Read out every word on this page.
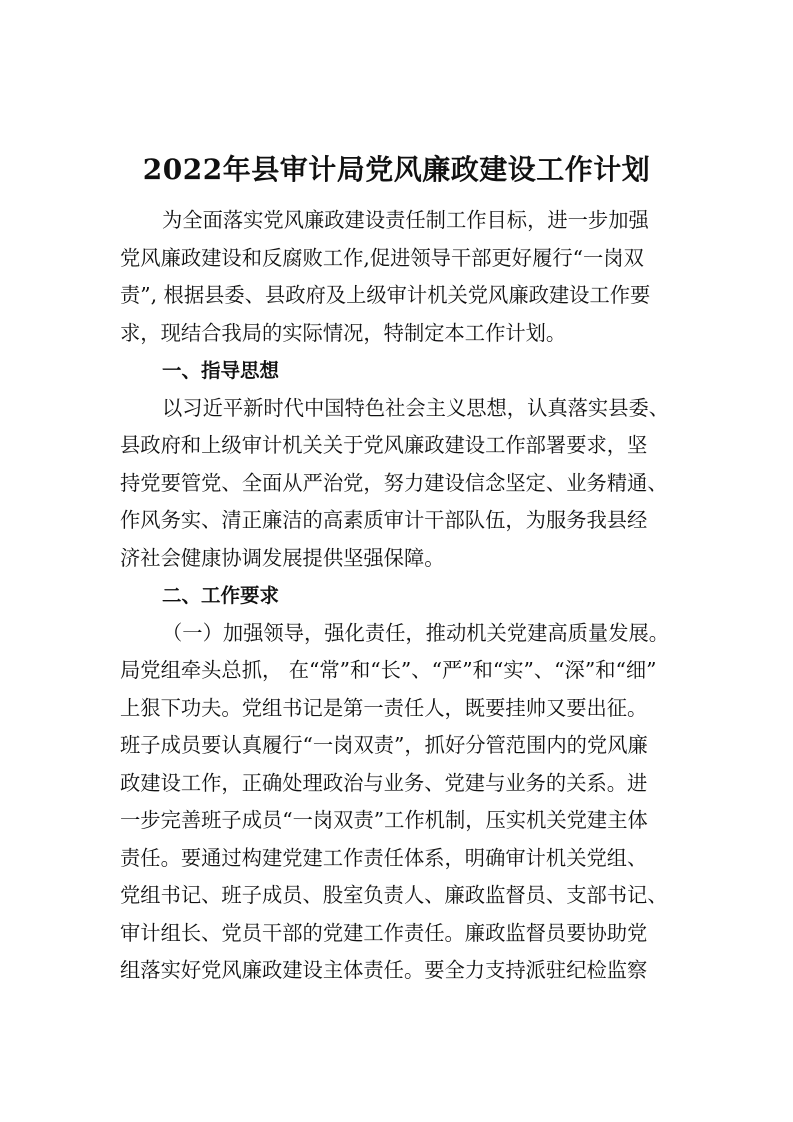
2022年县审计局党风廉政建设工作计划
为全面落实党风廉政建设责任制工作目标，进一步加强
党风廉政建设和反腐败工作,促进领导干部更好履行“一岗双
责”, 根据县委、县政府及上级审计机关党风廉政建设工作要
求，现结合我局的实际情况，特制定本工作计划。
一、指导思想
以习近平新时代中国特色社会主义思想，认真落实县委、
县政府和上级审计机关关于党风廉政建设工作部署要求，坚
持党要管党、全面从严治党，努力建设信念坚定、业务精通、
作风务实、清正廉洁的高素质审计干部队伍，为服务我县经
济社会健康协调发展提供坚强保障。
二、工作要求
（一）加强领导，强化责任，推动机关党建高质量发展。
局党组牵头总抓， 在“常”和“长”、“严”和“实”、“深”和“细”
上狠下功夫。党组书记是第一责任人，既要挂帅又要出征。
班子成员要认真履行“一岗双责”，抓好分管范围内的党风廉
政建设工作，正确处理政治与业务、党建与业务的关系。进
一步完善班子成员“一岗双责”工作机制，压实机关党建主体
责任。要通过构建党建工作责任体系，明确审计机关党组、
党组书记、班子成员、股室负责人、廉政监督员、支部书记、
审计组长、党员干部的党建工作责任。廉政监督员要协助党
组落实好党风廉政建设主体责任。要全力支持派驻纪检监察
